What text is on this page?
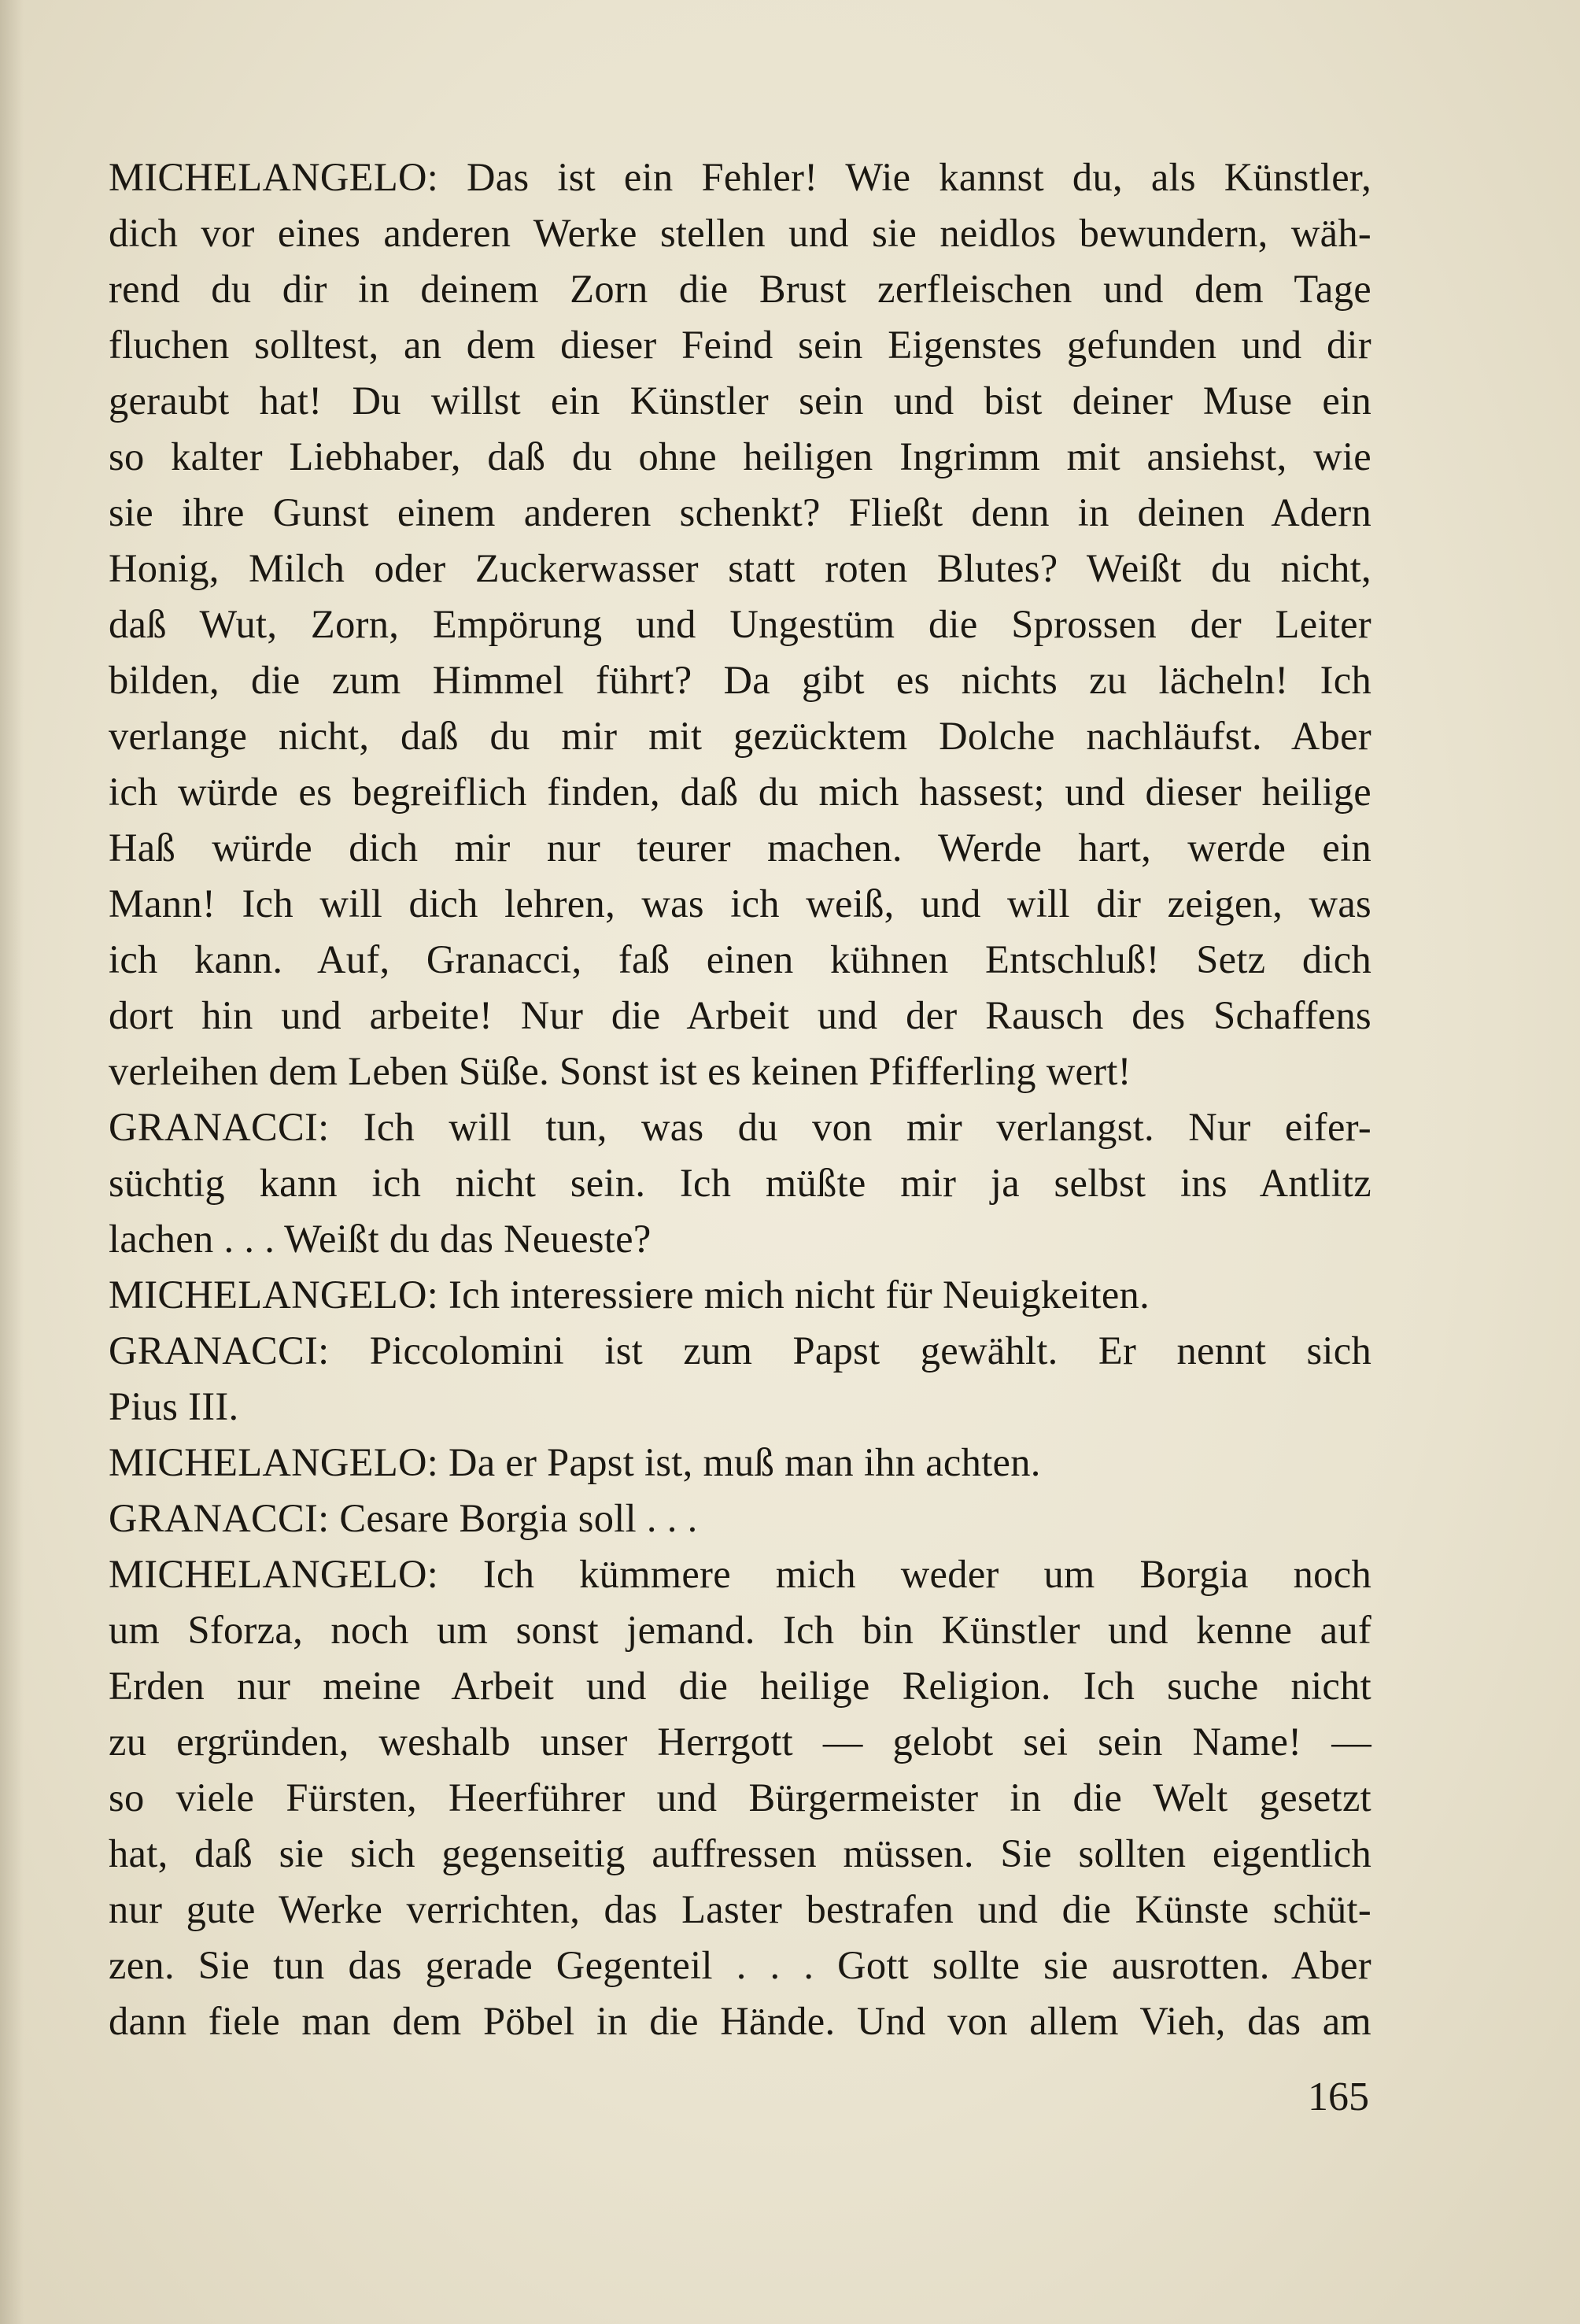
MICHELANGELO: Das ist ein Fehler! Wie kannst du, als Künstler,
dich vor eines anderen Werke stellen und sie neidlos bewundern, wäh-
rend du dir in deinem Zorn die Brust zerfleischen und dem Tage
fluchen solltest, an dem dieser Feind sein Eigenstes gefunden und dir
geraubt hat! Du willst ein Künstler sein und bist deiner Muse ein
so kalter Liebhaber, daß du ohne heiligen Ingrimm mit ansiehst, wie
sie ihre Gunst einem anderen schenkt? Fließt denn in deinen Adern
Honig, Milch oder Zuckerwasser statt roten Blutes? Weißt du nicht,
daß Wut, Zorn, Empörung und Ungestüm die Sprossen der Leiter
bilden, die zum Himmel führt? Da gibt es nichts zu lächeln! Ich
verlange nicht, daß du mir mit gezücktem Dolche nachläufst. Aber
ich würde es begreiflich finden, daß du mich hassest; und dieser heilige
Haß würde dich mir nur teurer machen. Werde hart, werde ein
Mann! Ich will dich lehren, was ich weiß, und will dir zeigen, was
ich kann. Auf, Granacci, faß einen kühnen Entschluß! Setz dich
dort hin und arbeite! Nur die Arbeit und der Rausch des Schaffens
verleihen dem Leben Süße. Sonst ist es keinen Pfifferling wert!
GRANACCI: Ich will tun, was du von mir verlangst. Nur eifer-
süchtig kann ich nicht sein. Ich müßte mir ja selbst ins Antlitz
lachen . . . Weißt du das Neueste?
MICHELANGELO: Ich interessiere mich nicht für Neuigkeiten.
GRANACCI: Piccolomini ist zum Papst gewählt. Er nennt sich
Pius III.
MICHELANGELO: Da er Papst ist, muß man ihn achten.
GRANACCI: Cesare Borgia soll . . .
MICHELANGELO: Ich kümmere mich weder um Borgia noch
um Sforza, noch um sonst jemand. Ich bin Künstler und kenne auf
Erden nur meine Arbeit und die heilige Religion. Ich suche nicht
zu ergründen, weshalb unser Herrgott — gelobt sei sein Name! —
so viele Fürsten, Heerführer und Bürgermeister in die Welt gesetzt
hat, daß sie sich gegenseitig auffressen müssen. Sie sollten eigentlich
nur gute Werke verrichten, das Laster bestrafen und die Künste schüt-
zen. Sie tun das gerade Gegenteil . . . Gott sollte sie ausrotten. Aber
dann fiele man dem Pöbel in die Hände. Und von allem Vieh, das am
165
